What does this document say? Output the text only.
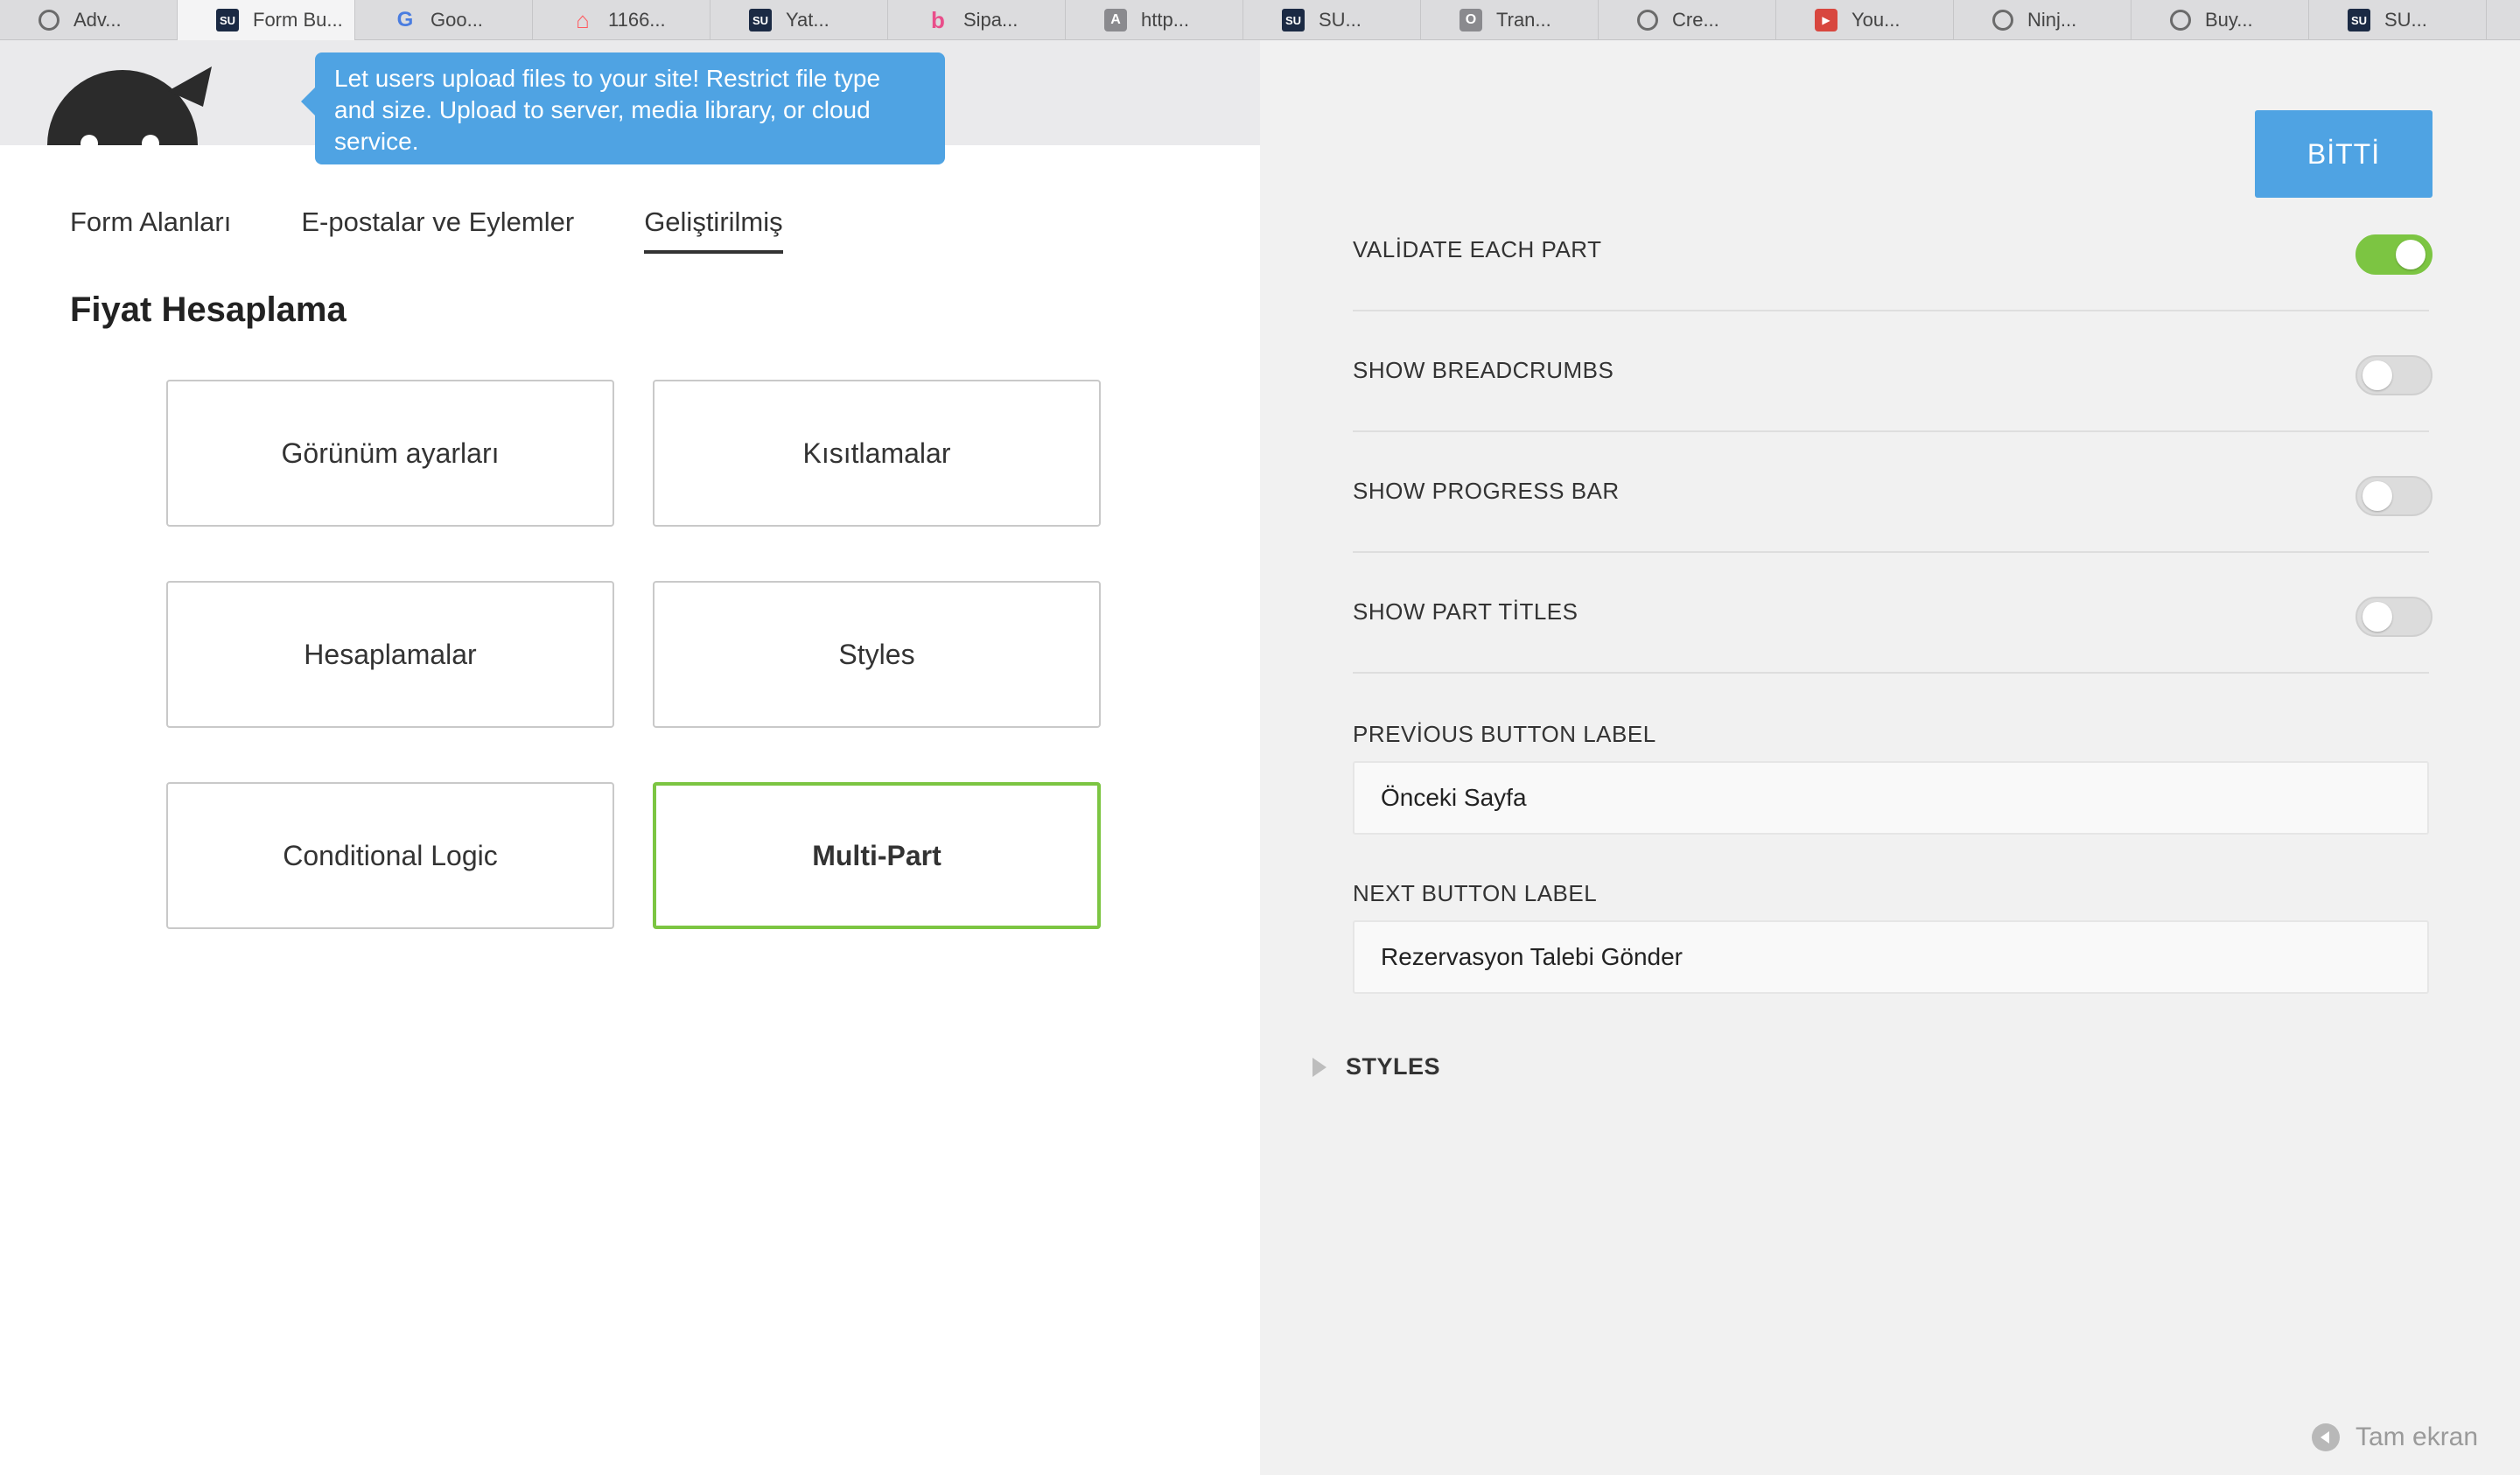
Adv...	SU Form Bu...	G Goo...	⌂ 1166...	SU Yat...	b Sipa...	A	http...	SU SU...	O	Tran...	Cre...	▶	You...	Ninj...	Buy...	SU SU...
Let users upload files to your site! Restrict file type and size. Upload to server, media library, or cloud service.
Form Alanları	E-postalar ve Eylemler	Geliştirilmiş
Fiyat Hesaplama
Görünüm ayarları	Kısıtlamalar
Hesaplamalar	Styles
Conditional Logic	Multi-Part
BİTTİ
VALİDATE EACH PART
SHOW BREADCRUMBS
SHOW PROGRESS BAR
SHOW PART TİTLES
PREVİOUS BUTTON LABEL
Önceki Sayfa
NEXT BUTTON LABEL
Rezervasyon Talebi Gönder
STYLES
Tam ekran
